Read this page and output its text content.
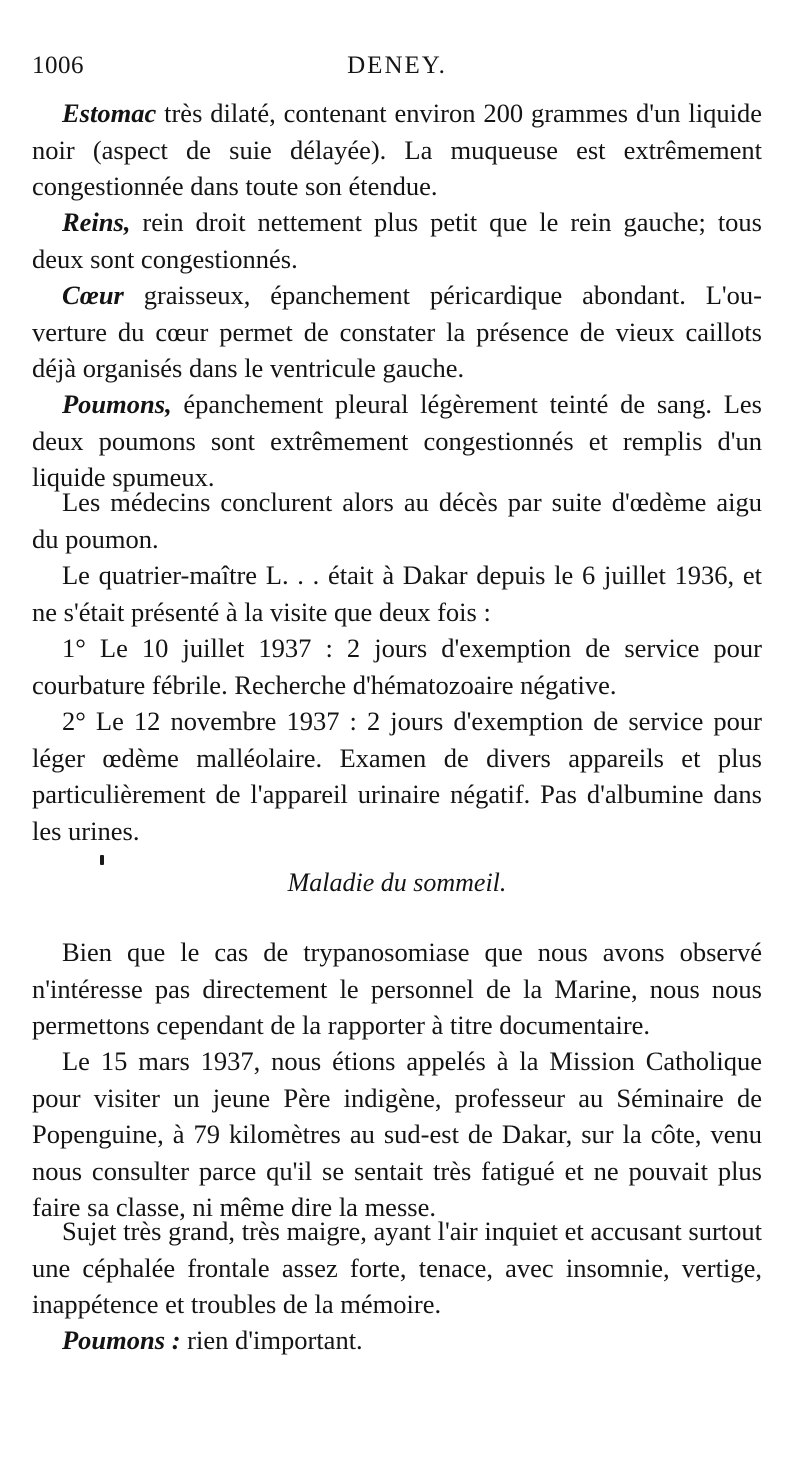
1006	DENEY.

Estomac très dilaté, contenant environ 200 grammes d'un liquide noir (aspect de suie délayée). La muqueuse est extrêmement congestionnée dans toute son étendue.

Reins, rein droit nettement plus petit que le rein gauche; tous deux sont congestionnés.

Cœur graisseux, épanchement péricardique abondant. L'ouverture du cœur permet de constater la présence de vieux caillots déjà organisés dans le ventricule gauche.

Poumons, épanchement pleural légèrement teinté de sang. Les deux poumons sont extrêmement congestionnés et remplis d'un liquide spumeux.

Les médecins conclurent alors au décès par suite d'œdème aigu du poumon.

Le quatrier-maître L. . . était à Dakar depuis le 6 juillet 1936, et ne s'était présenté à la visite que deux fois :

1° Le 10 juillet 1937 : 2 jours d'exemption de service pour courbature fébrile. Recherche d'hématozoaire négative.

2° Le 12 novembre 1937 : 2 jours d'exemption de service pour léger œdème malléolaire. Examen de divers appareils et plus particulièrement de l'appareil urinaire négatif. Pas d'albumine dans les urines.

Maladie du sommeil.

Bien que le cas de trypanosomiase que nous avons observé n'intéresse pas directement le personnel de la Marine, nous nous permettons cependant de la rapporter à titre documentaire.

Le 15 mars 1937, nous étions appelés à la Mission Catholique pour visiter un jeune Père indigène, professeur au Séminaire de Popenguine, à 79 kilomètres au sud-est de Dakar, sur la côte, venu nous consulter parce qu'il se sentait très fatigué et ne pouvait plus faire sa classe, ni même dire la messe.

Sujet très grand, très maigre, ayant l'air inquiet et accusant surtout une céphalée frontale assez forte, tenace, avec insomnie, vertige, inappétence et troubles de la mémoire.

Poumons : rien d'important.
